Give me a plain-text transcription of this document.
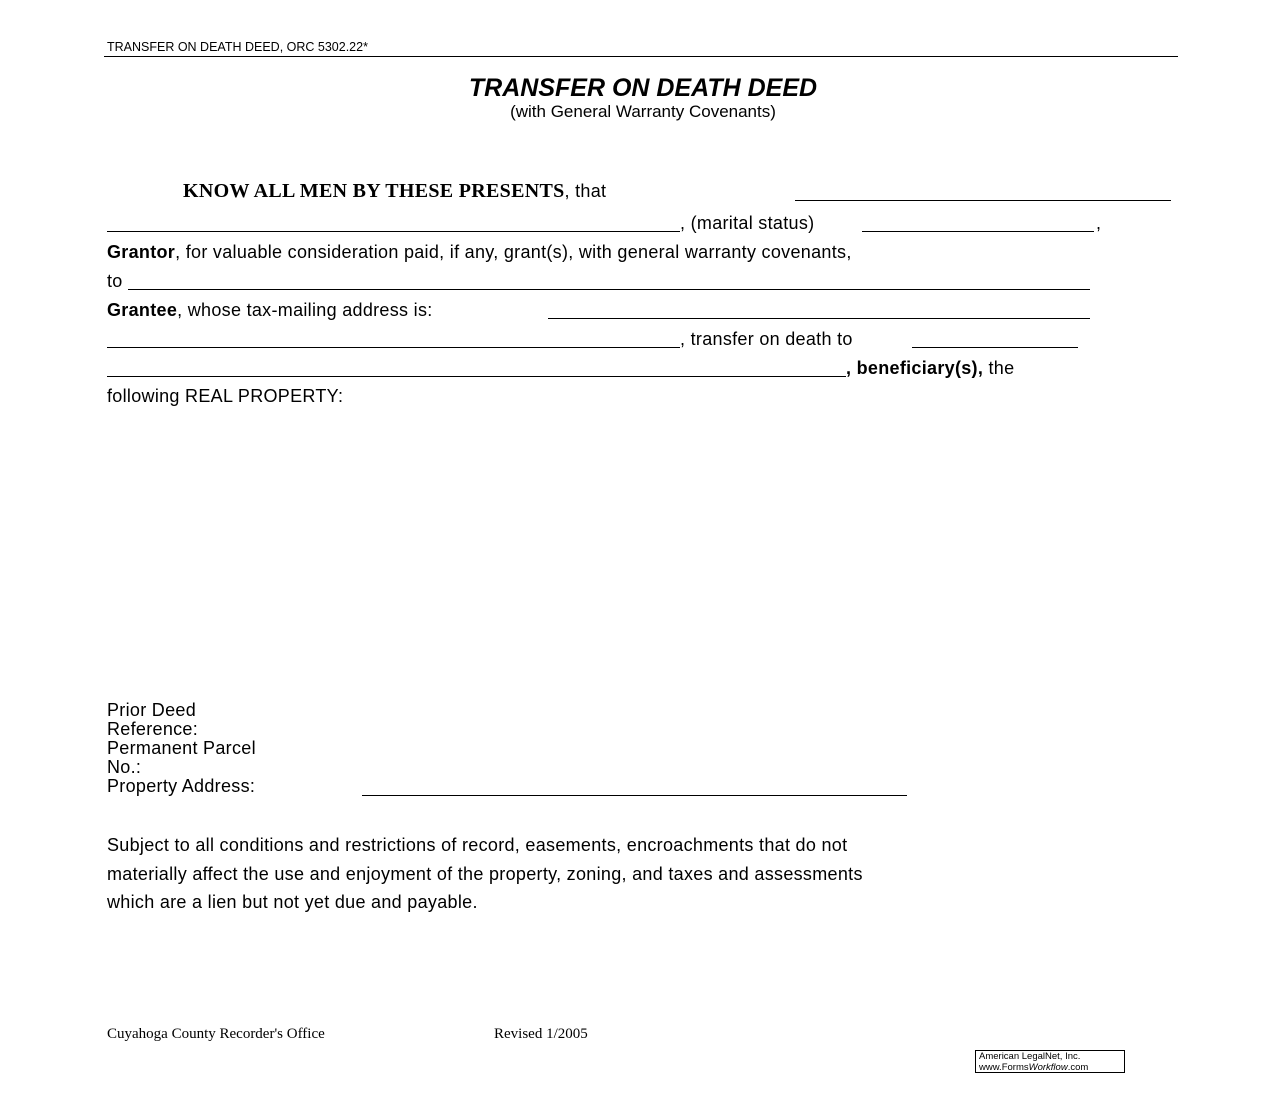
TRANSFER ON DEATH DEED, ORC 5302.22*
TRANSFER ON DEATH DEED
(with General Warranty Covenants)
KNOW ALL MEN BY THESE PRESENTS, that
, (marital status)	,
Grantor, for valuable consideration paid, if any, grant(s), with general warranty covenants,
to
Grantee, whose tax-mailing address is:
, transfer on death to
, beneficiary(s), the
following REAL PROPERTY:
Prior Deed
Reference:
Permanent Parcel
No.:
Property Address:
Subject to all conditions and restrictions of record, easements, encroachments that do not
materially affect the use and enjoyment of the property, zoning, and taxes and assessments
which are a lien but not yet due and payable.
Cuyahoga County Recorder's Office	Revised 1/2005
American LegalNet, Inc.
www.FormsWorkflow.com
